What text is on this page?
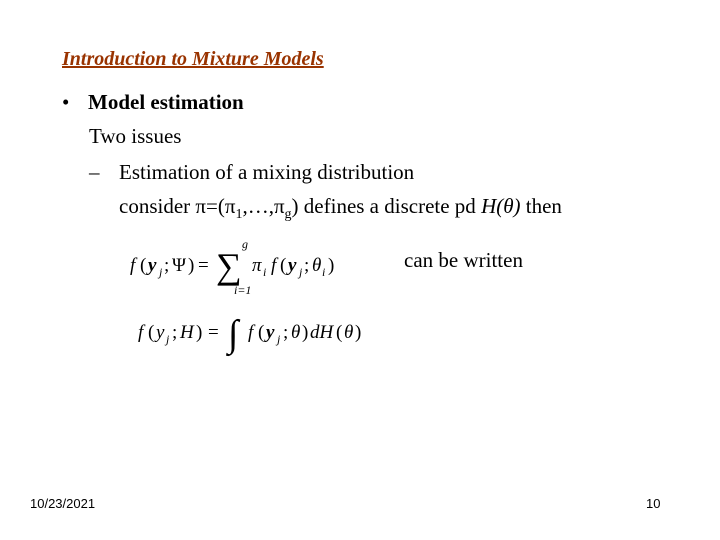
Introduction to Mixture Models
• Model estimation
Two issues
– Estimation of a mixing distribution
consider $\pi=(\pi_1,\dots,\pi_g)$ defines a discrete pd H(θ) then
f ( y j ; Ψ ) = ∑
g
i=1
π i f ( y j ; θ i )	can be written
f ( y j ; H ) = ∫ f ( y j ; θ ) dH ( θ )
10/23/2021	10
